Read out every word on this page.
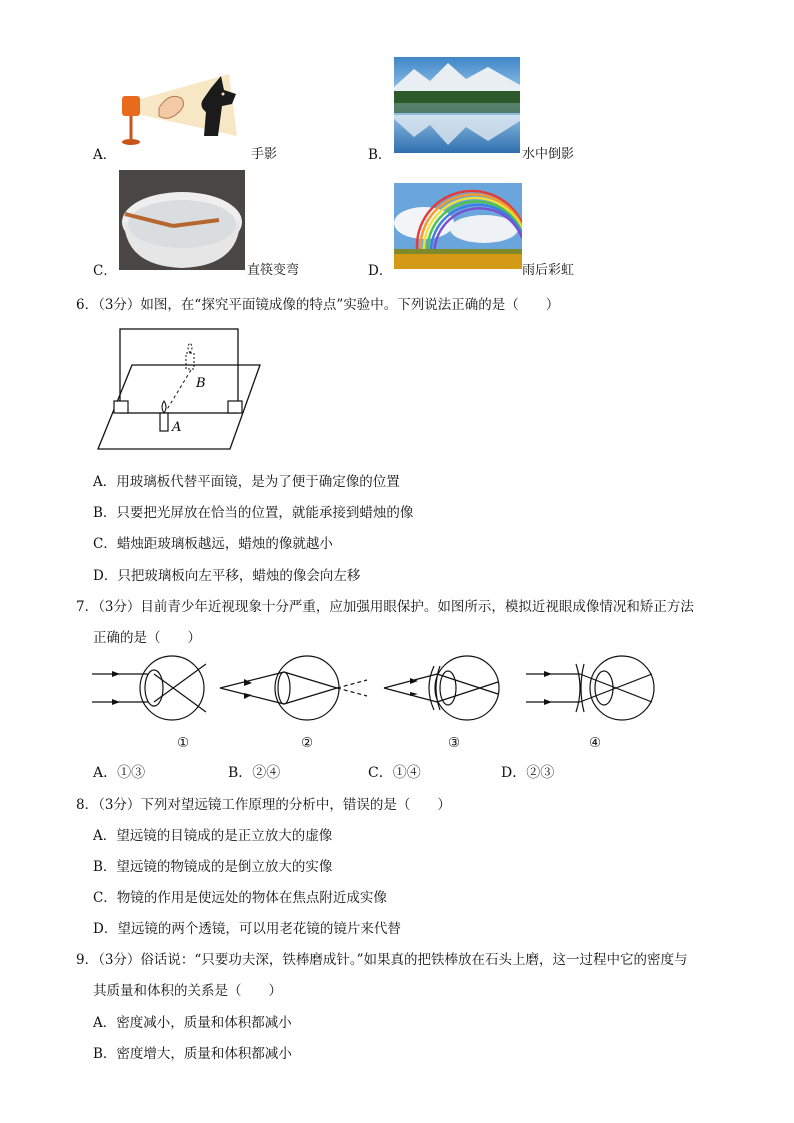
A．	手影	B．	水中倒影
C．	直筷变弯	D．	雨后彩虹
6．（3分）如图，在“探究平面镜成像的特点”实验中。下列说法正确的是（　　）
B
A
A．用玻璃板代替平面镜，是为了便于确定像的位置
B．只要把光屏放在恰当的位置，就能承接到蜡烛的像
C．蜡烛距玻璃板越远，蜡烛的像就越小
D．只把玻璃板向左平移，蜡烛的像会向左移
7．（3分）目前青少年近视现象十分严重，应加强用眼保护。如图所示，模拟近视眼成像情况和矫正方法
正确的是（　　）
①	②	③	④
A．①③	B．②④	C．①④	D．②③
8．（3分）下列对望远镜工作原理的分析中，错误的是（　　）
A．望远镜的目镜成的是正立放大的虚像
B．望远镜的物镜成的是倒立放大的实像
C．物镜的作用是使远处的物体在焦点附近成实像
D．望远镜的两个透镜，可以用老花镜的镜片来代替
9．（3分）俗话说：“只要功夫深，铁棒磨成针。”如果真的把铁棒放在石头上磨，这一过程中它的密度与
其质量和体积的关系是（　　）
A．密度减小，质量和体积都减小
B．密度增大，质量和体积都减小
